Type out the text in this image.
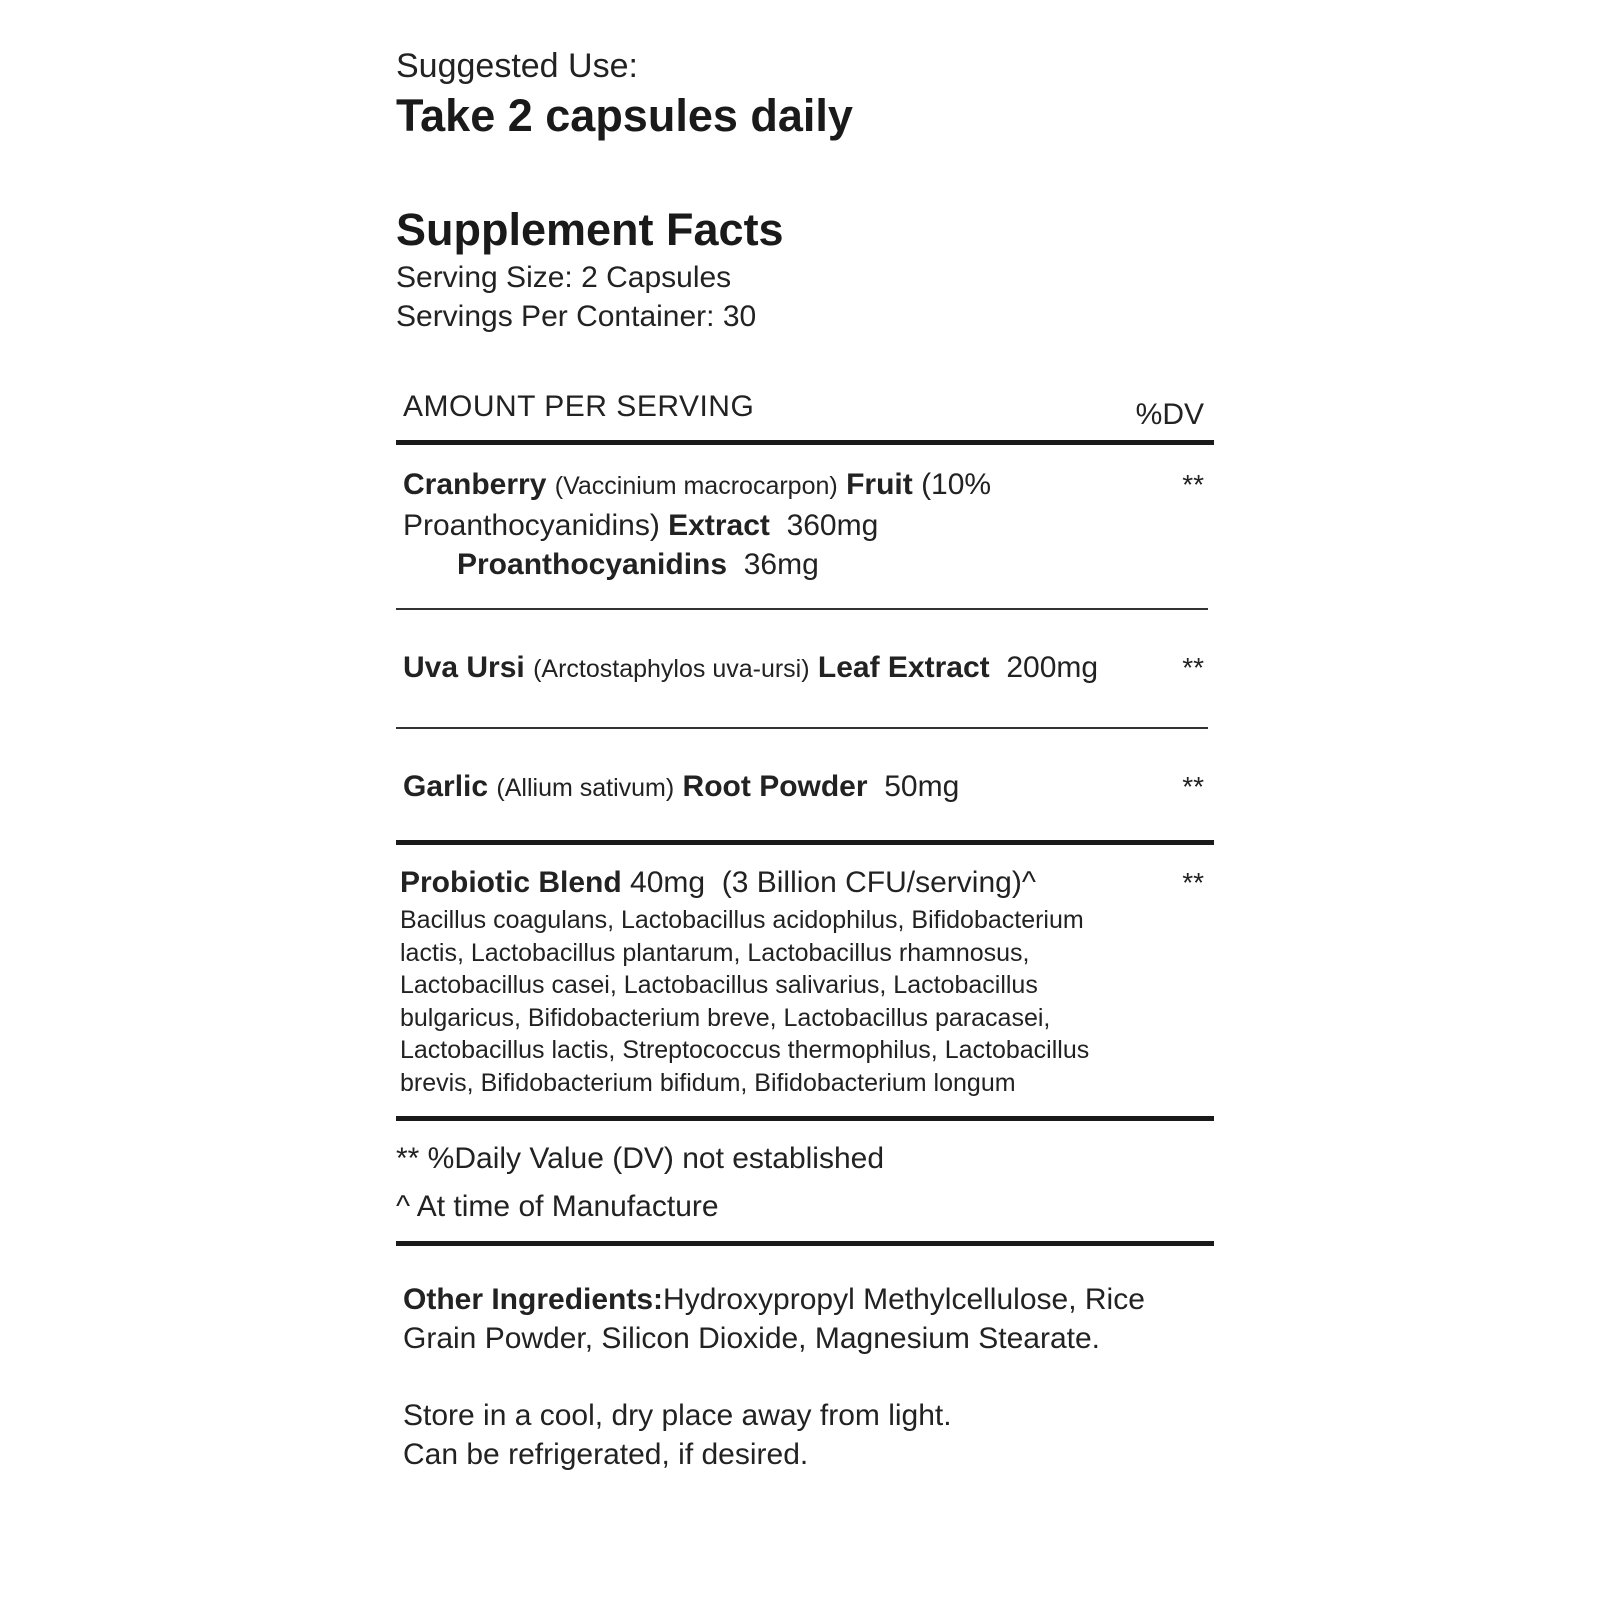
Suggested Use:
Take 2 capsules daily
Supplement Facts
Serving Size: 2 Capsules
Servings Per Container: 30
AMOUNT PER SERVING	%DV
**
Cranberry (Vaccinium macrocarpon) Fruit (10% Proanthocyanidins) Extract 360mg
Proanthocyanidins 36mg
**
Uva Ursi (Arctostaphylos uva-ursi) Leaf Extract 200mg
**
Garlic (Allium sativum) Root Powder 50mg
**
Probiotic Blend 40mg (3 Billion CFU/serving)^
Bacillus coagulans, Lactobacillus acidophilus, Bifidobacterium lactis, Lactobacillus plantarum, Lactobacillus rhamnosus, Lactobacillus casei, Lactobacillus salivarius, Lactobacillus bulgaricus, Bifidobacterium breve, Lactobacillus paracasei, Lactobacillus lactis, Streptococcus thermophilus, Lactobacillus brevis, Bifidobacterium bifidum, Bifidobacterium longum
** %Daily Value (DV) not established
^ At time of Manufacture
Other Ingredients:Hydroxypropyl Methylcellulose, Rice Grain Powder, Silicon Dioxide, Magnesium Stearate.
Store in a cool, dry place away from light.
Can be refrigerated, if desired.
